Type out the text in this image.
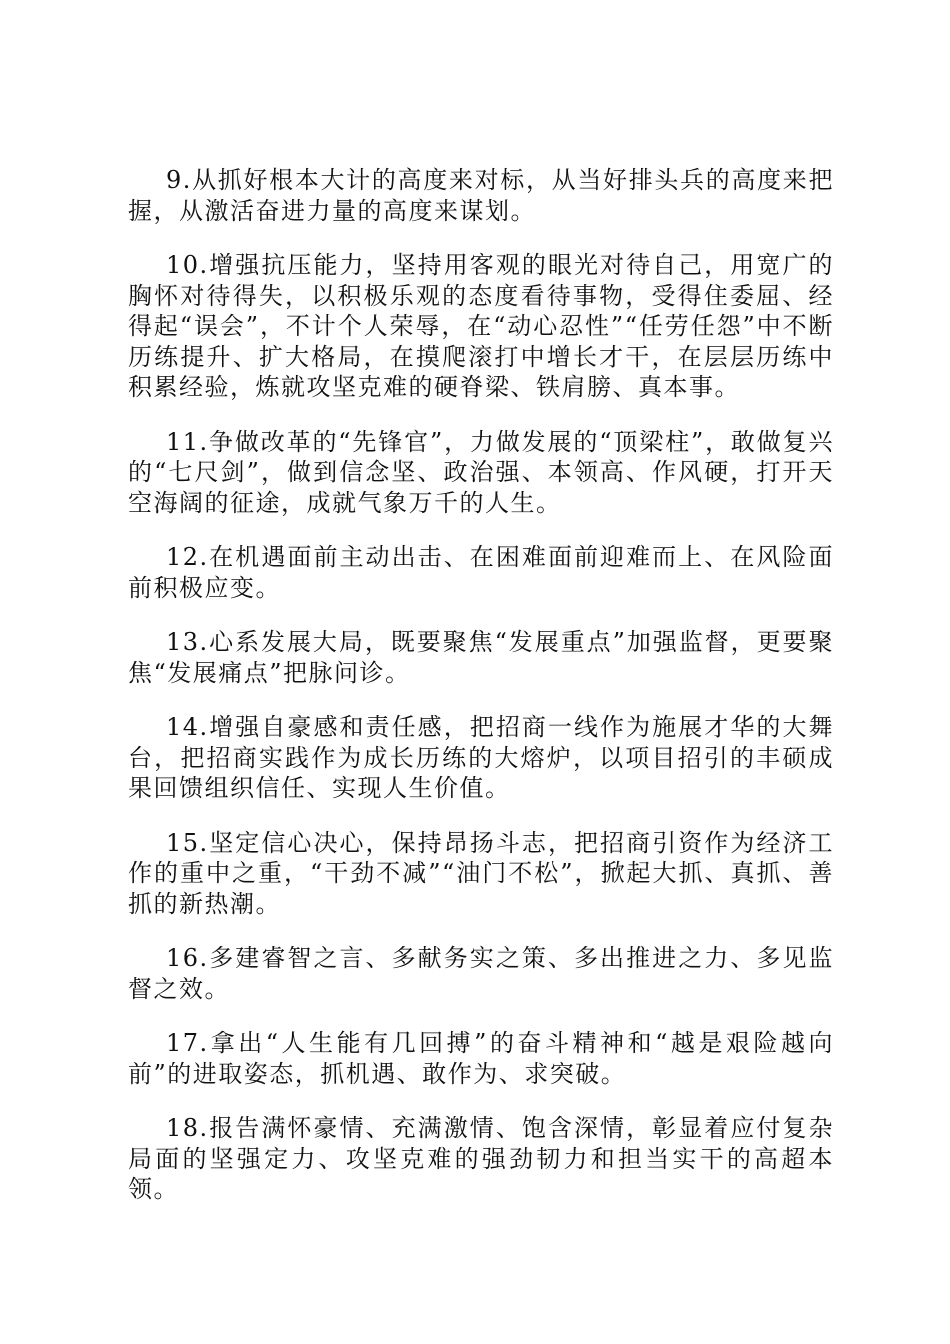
9.从抓好根本大计的高度来对标，从当好排头兵的高度来把握，从激活奋进力量的高度来谋划。

10.增强抗压能力，坚持用客观的眼光对待自己，用宽广的胸怀对待得失，以积极乐观的态度看待事物，受得住委屈、经得起“误会”，不计个人荣辱，在“动心忍性”“任劳任怨”中不断历练提升、扩大格局，在摸爬滚打中增长才干，在层层历练中积累经验，炼就攻坚克难的硬脊梁、铁肩膀、真本事。

11.争做改革的“先锋官”，力做发展的“顶梁柱”，敢做复兴的“七尺剑”，做到信念坚、政治强、本领高、作风硬，打开天空海阔的征途，成就气象万千的人生。

12.在机遇面前主动出击、在困难面前迎难而上、在风险面前积极应变。

13.心系发展大局，既要聚焦“发展重点”加强监督，更要聚焦“发展痛点”把脉问诊。

14.增强自豪感和责任感，把招商一线作为施展才华的大舞台，把招商实践作为成长历练的大熔炉，以项目招引的丰硕成果回馈组织信任、实现人生价值。

15.坚定信心决心，保持昂扬斗志，把招商引资作为经济工作的重中之重，“干劲不减”“油门不松”，掀起大抓、真抓、善抓的新热潮。

16.多建睿智之言、多献务实之策、多出推进之力、多见监督之效。

17.拿出“人生能有几回搏”的奋斗精神和“越是艰险越向前”的进取姿态，抓机遇、敢作为、求突破。

18.报告满怀豪情、充满激情、饱含深情，彰显着应付复杂局面的坚强定力、攻坚克难的强劲韧力和担当实干的高超本领。
